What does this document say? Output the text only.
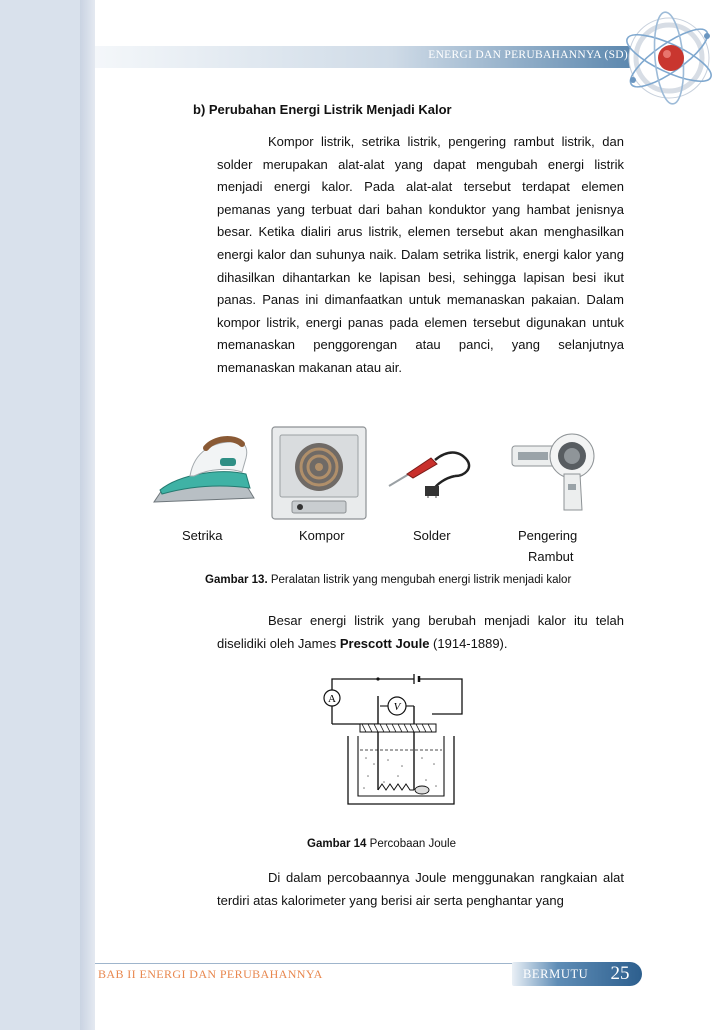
ENERGI DAN PERUBAHANNYA (SD)
b) Perubahan Energi Listrik Menjadi Kalor
Kompor listrik, setrika listrik, pengering rambut listrik, dan solder merupakan alat-alat yang dapat mengubah energi listrik menjadi energi kalor. Pada alat-alat tersebut terdapat elemen pemanas yang terbuat dari bahan konduktor yang hambat jenisnya besar. Ketika dialiri arus listrik, elemen tersebut akan menghasilkan energi kalor dan suhunya naik. Dalam setrika listrik, energi kalor yang dihasilkan dihantarkan ke lapisan besi, sehingga lapisan besi ikut panas. Panas ini dimanfaatkan untuk memanaskan pakaian. Dalam kompor listrik, energi panas pada elemen tersebut digunakan untuk memanaskan penggorengan atau panci, yang selanjutnya memanaskan makanan atau air.
Setrika	Kompor	Solder	Pengering
Rambut
Gambar 13. Peralatan listrik yang mengubah energi listrik menjadi kalor
Besar energi listrik yang berubah menjadi kalor itu telah diselidiki oleh James Prescott Joule (1914-1889).
A
V
Gambar 14 Percobaan Joule
Di dalam percobaannya Joule menggunakan rangkaian alat terdiri atas kalorimeter yang berisi air serta penghantar yang
BAB II ENERGI DAN PERUBAHANNYA	BERMUTU	25
